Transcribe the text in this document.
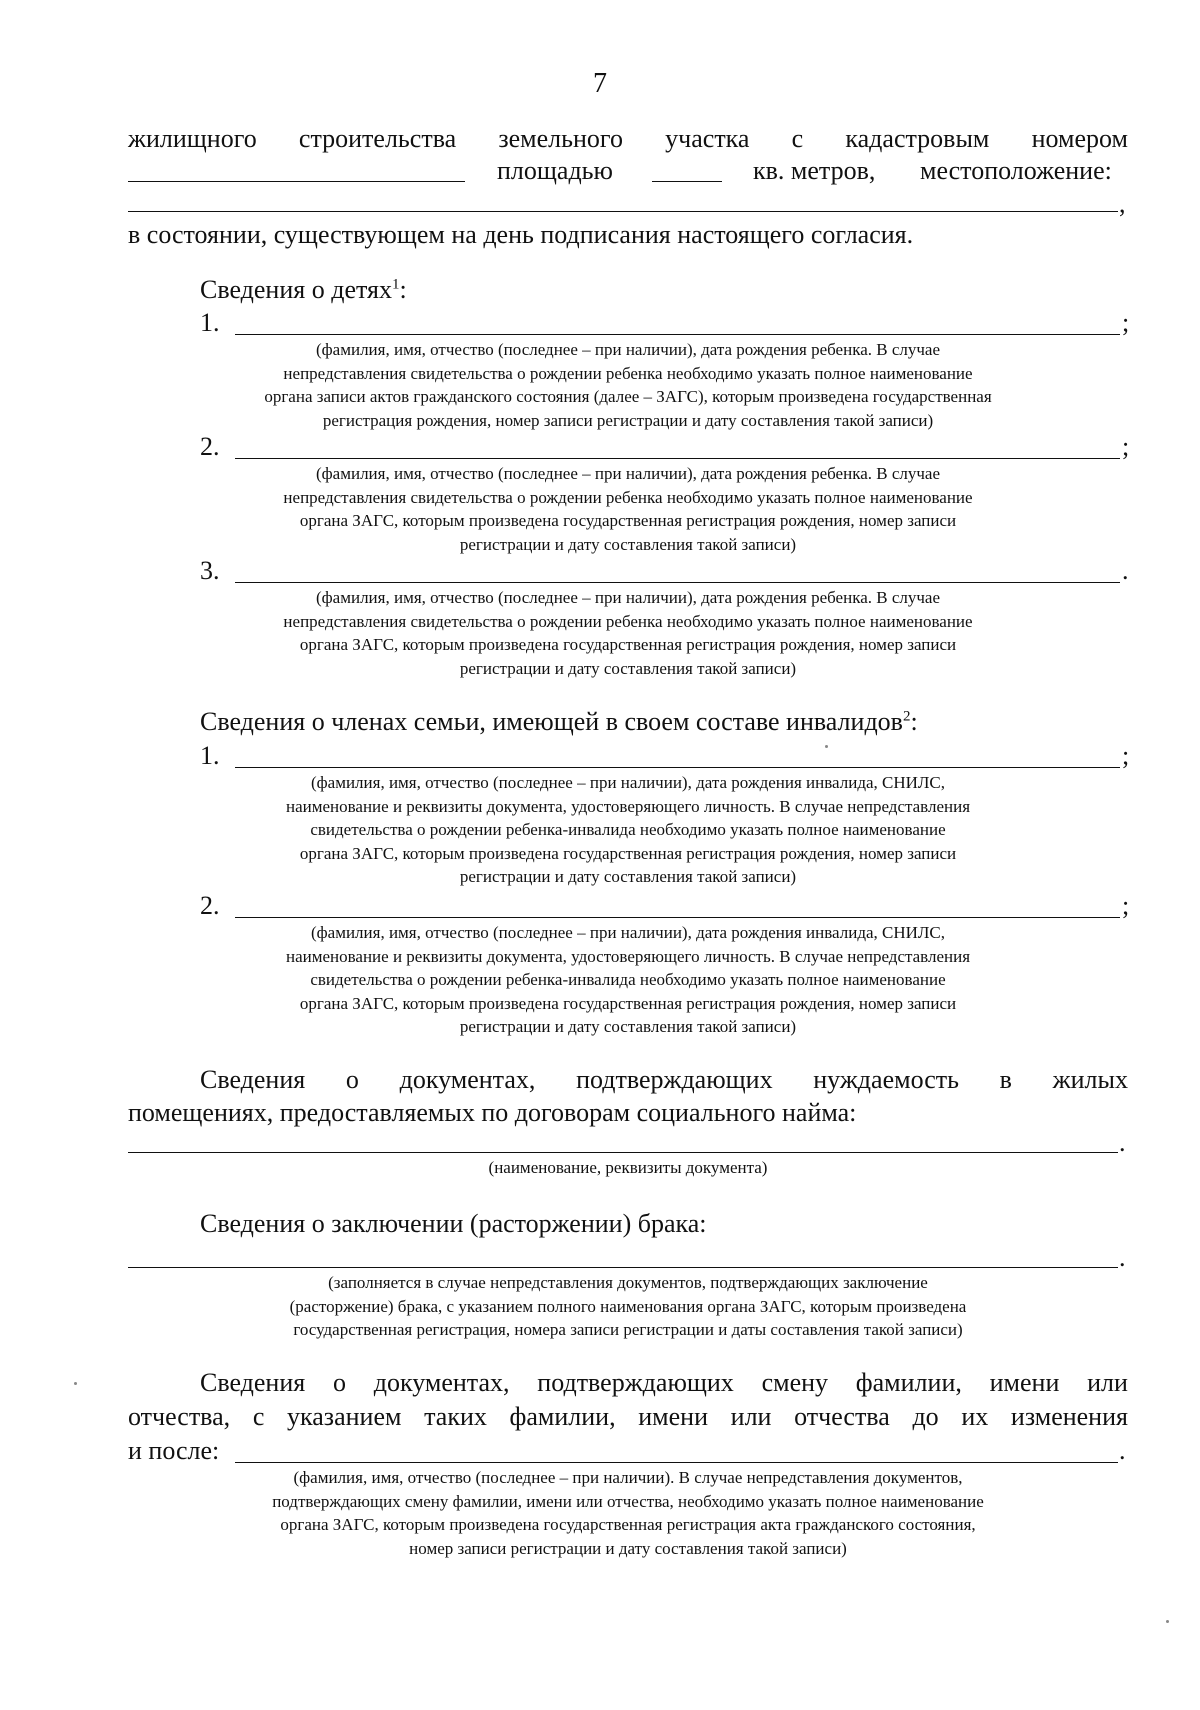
7
жилищного строительства земельного участка с кадастровым номером
площадью	кв. метров, местоположение:
,
в состоянии, существующем на день подписания настоящего согласия.
Сведения о детях$^1$:
1.	;
(фамилия, имя, отчество (последнее – при наличии), дата рождения ребенка. В случае
непредставления свидетельства о рождении ребенка необходимо указать полное наименование
органа записи актов гражданского состояния (далее – ЗАГС), которым произведена государственная
регистрация рождения, номер записи регистрации и дату составления такой записи)
2.	;
(фамилия, имя, отчество (последнее – при наличии), дата рождения ребенка. В случае
непредставления свидетельства о рождении ребенка необходимо указать полное наименование
органа ЗАГС, которым произведена государственная регистрация рождения, номер записи
регистрации и дату составления такой записи)
3.	.
(фамилия, имя, отчество (последнее – при наличии), дата рождения ребенка. В случае
непредставления свидетельства о рождении ребенка необходимо указать полное наименование
органа ЗАГС, которым произведена государственная регистрация рождения, номер записи
регистрации и дату составления такой записи)
Сведения о членах семьи, имеющей в своем составе инвалидов$^2$:
1.	;
(фамилия, имя, отчество (последнее – при наличии), дата рождения инвалида, СНИЛС,
наименование и реквизиты документа, удостоверяющего личность. В случае непредставления
свидетельства о рождении ребенка-инвалида необходимо указать полное наименование
органа ЗАГС, которым произведена государственная регистрация рождения, номер записи
регистрации и дату составления такой записи)
2.	;
(фамилия, имя, отчество (последнее – при наличии), дата рождения инвалида, СНИЛС,
наименование и реквизиты документа, удостоверяющего личность. В случае непредставления
свидетельства о рождении ребенка-инвалида необходимо указать полное наименование
органа ЗАГС, которым произведена государственная регистрация рождения, номер записи
регистрации и дату составления такой записи)
Сведения о документах, подтверждающих нуждаемость в жилых
помещениях, предоставляемых по договорам социального найма:
.
(наименование, реквизиты документа)
Сведения о заключении (расторжении) брака:
.
(заполняется в случае непредставления документов, подтверждающих заключение
(расторжение) брака, с указанием полного наименования органа ЗАГС, которым произведена
государственная регистрация, номера записи регистрации и даты составления такой записи)
Сведения о документах, подтверждающих смену фамилии, имени или
отчества, с указанием таких фамилии, имени или отчества до их изменения
и после:	.
(фамилия, имя, отчество (последнее – при наличии). В случае непредставления документов,
подтверждающих смену фамилии, имени или отчества, необходимо указать полное наименование
органа ЗАГС, которым произведена государственная регистрация акта гражданского состояния,
номер записи регистрации и дату составления такой записи)
